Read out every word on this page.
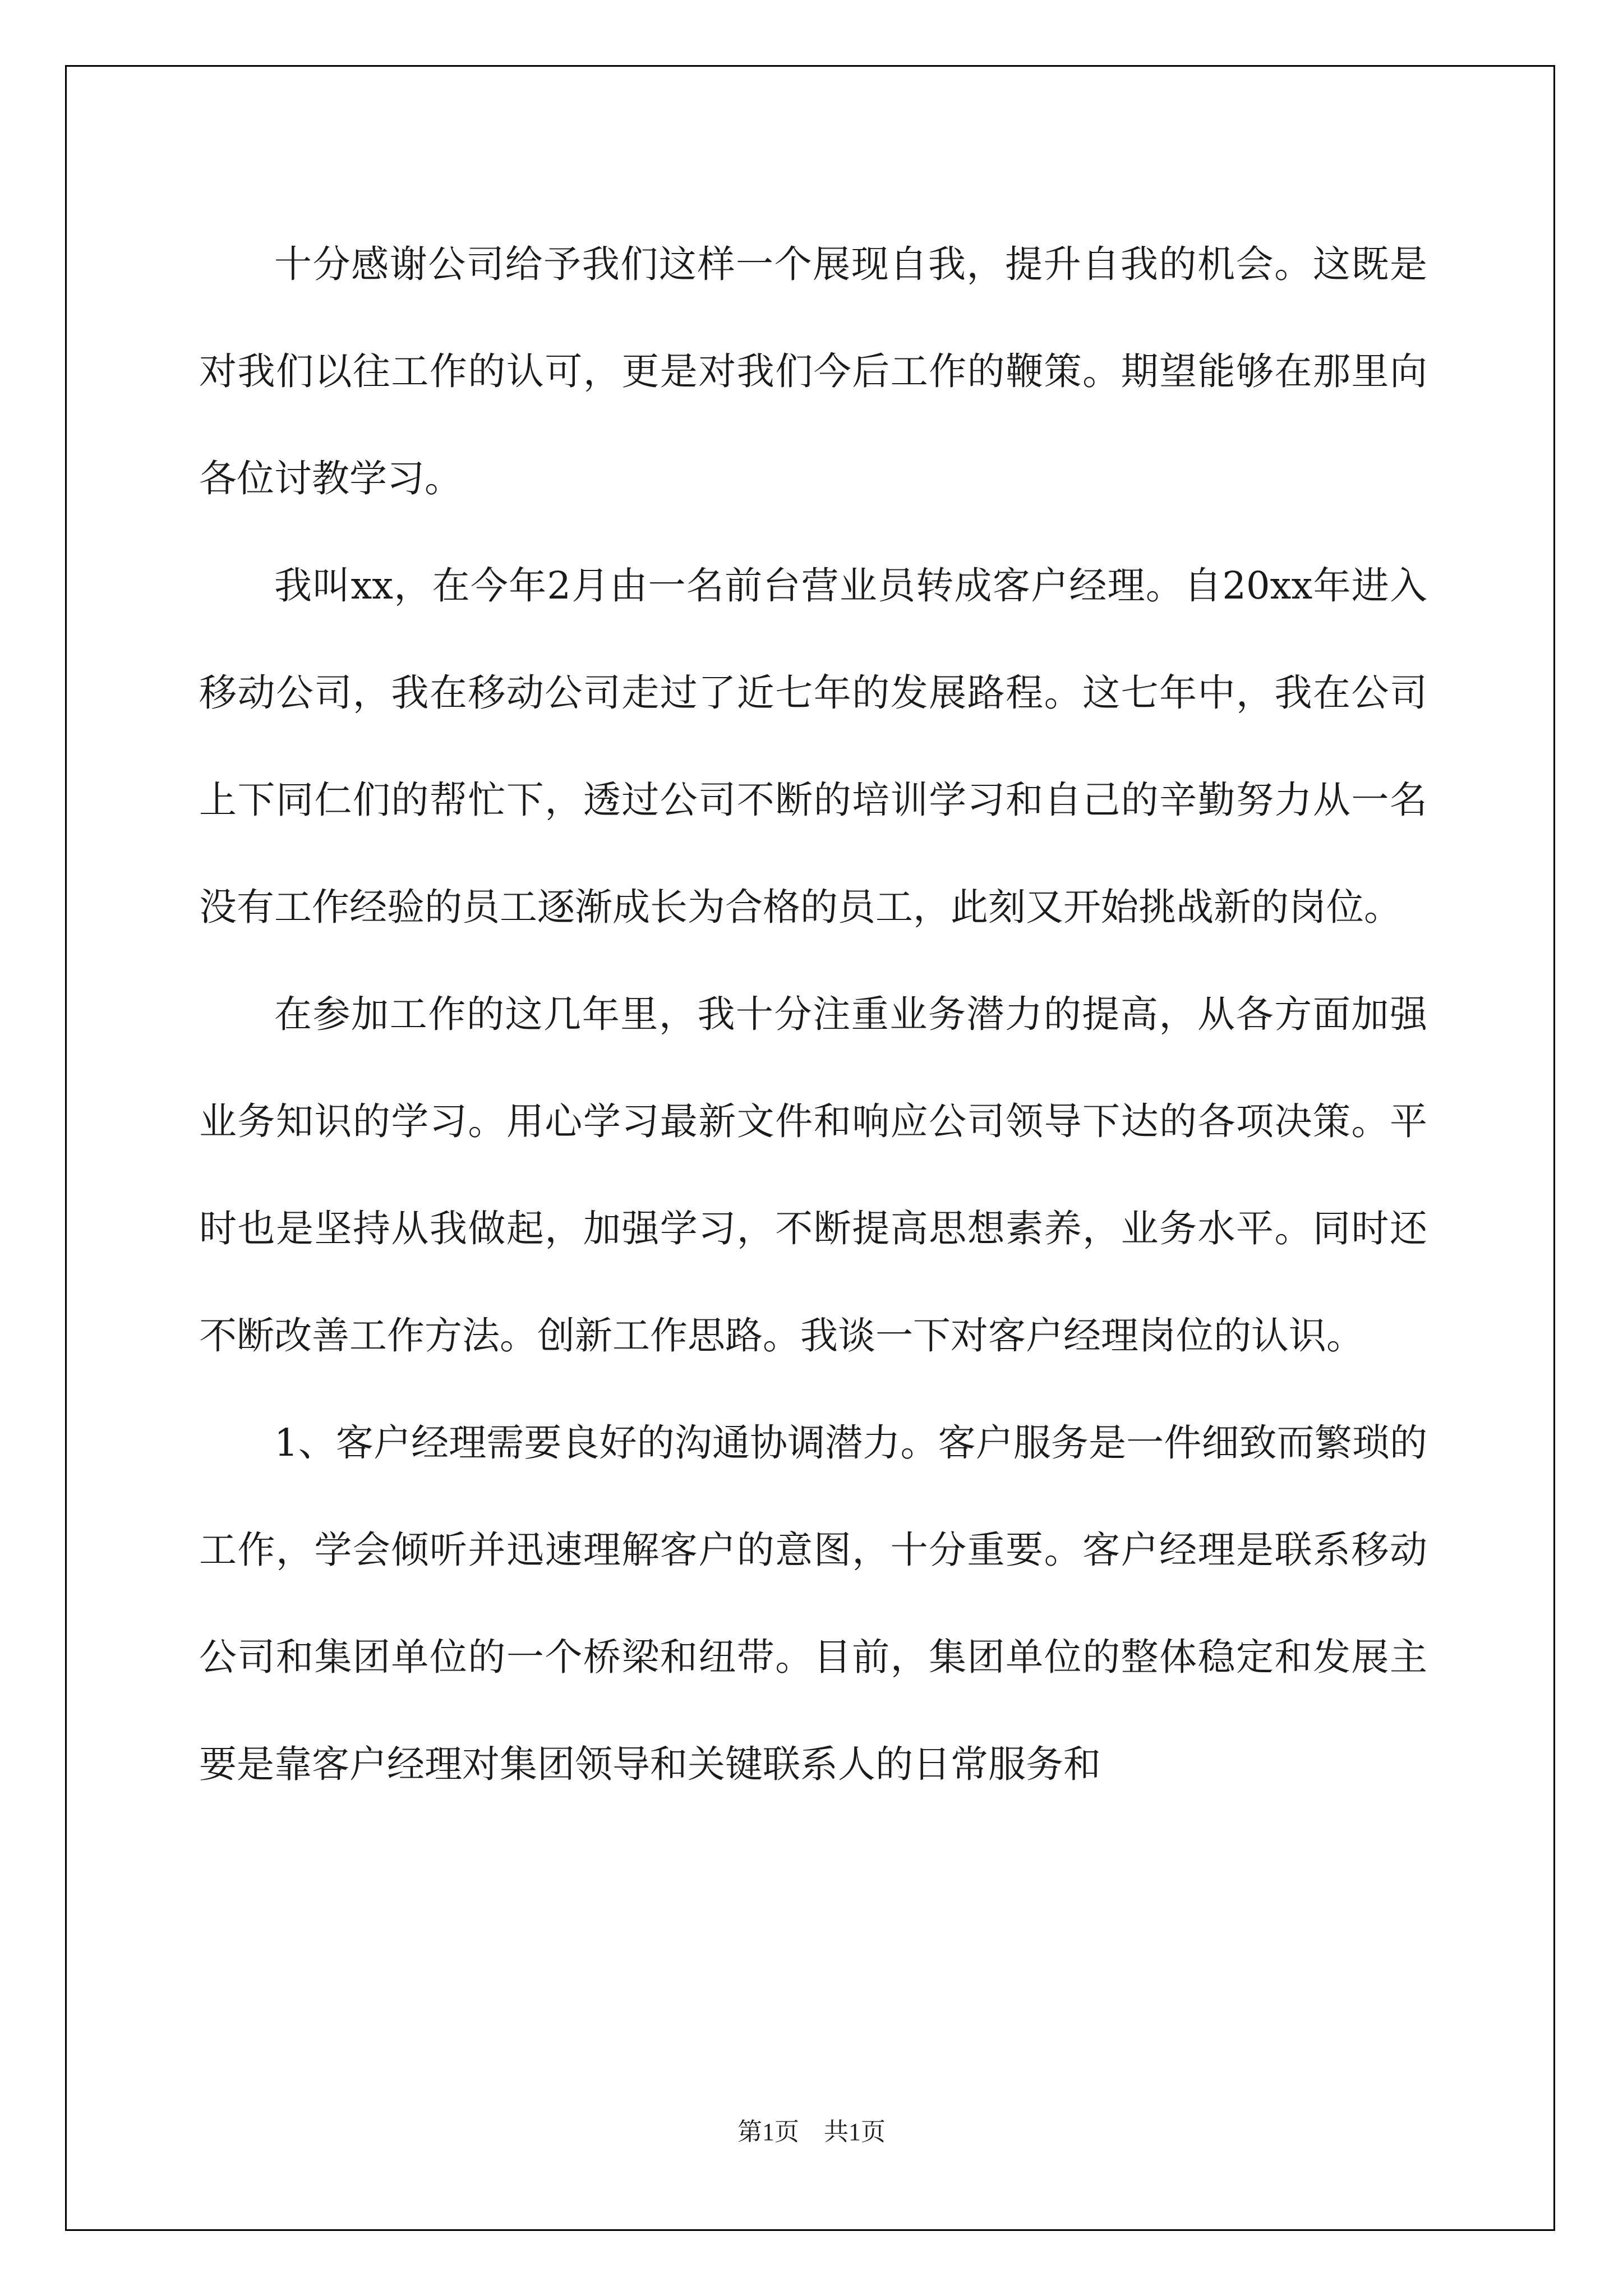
十分感谢公司给予我们这样一个展现自我，提升自我的机会。这既是对我们以往工作的认可，更是对我们今后工作的鞭策。期望能够在那里向各位讨教学习。

我叫xx，在今年2月由一名前台营业员转成客户经理。自20xx年进入移动公司，我在移动公司走过了近七年的发展路程。这七年中，我在公司上下同仁们的帮忙下，透过公司不断的培训学习和自己的辛勤努力从一名没有工作经验的员工逐渐成长为合格的员工，此刻又开始挑战新的岗位。

在参加工作的这几年里，我十分注重业务潜力的提高，从各方面加强业务知识的学习。用心学习最新文件和响应公司领导下达的各项决策。平时也是坚持从我做起，加强学习，不断提高思想素养，业务水平。同时还不断改善工作方法。创新工作思路。我谈一下对客户经理岗位的认识。

1、客户经理需要良好的沟通协调潜力。客户服务是一件细致而繁琐的工作，学会倾听并迅速理解客户的意图，十分重要。客户经理是联系移动公司和集团单位的一个桥梁和纽带。目前，集团单位的整体稳定和发展主要是靠客户经理对集团领导和关键联系人的日常服务和

第1页　共1页
